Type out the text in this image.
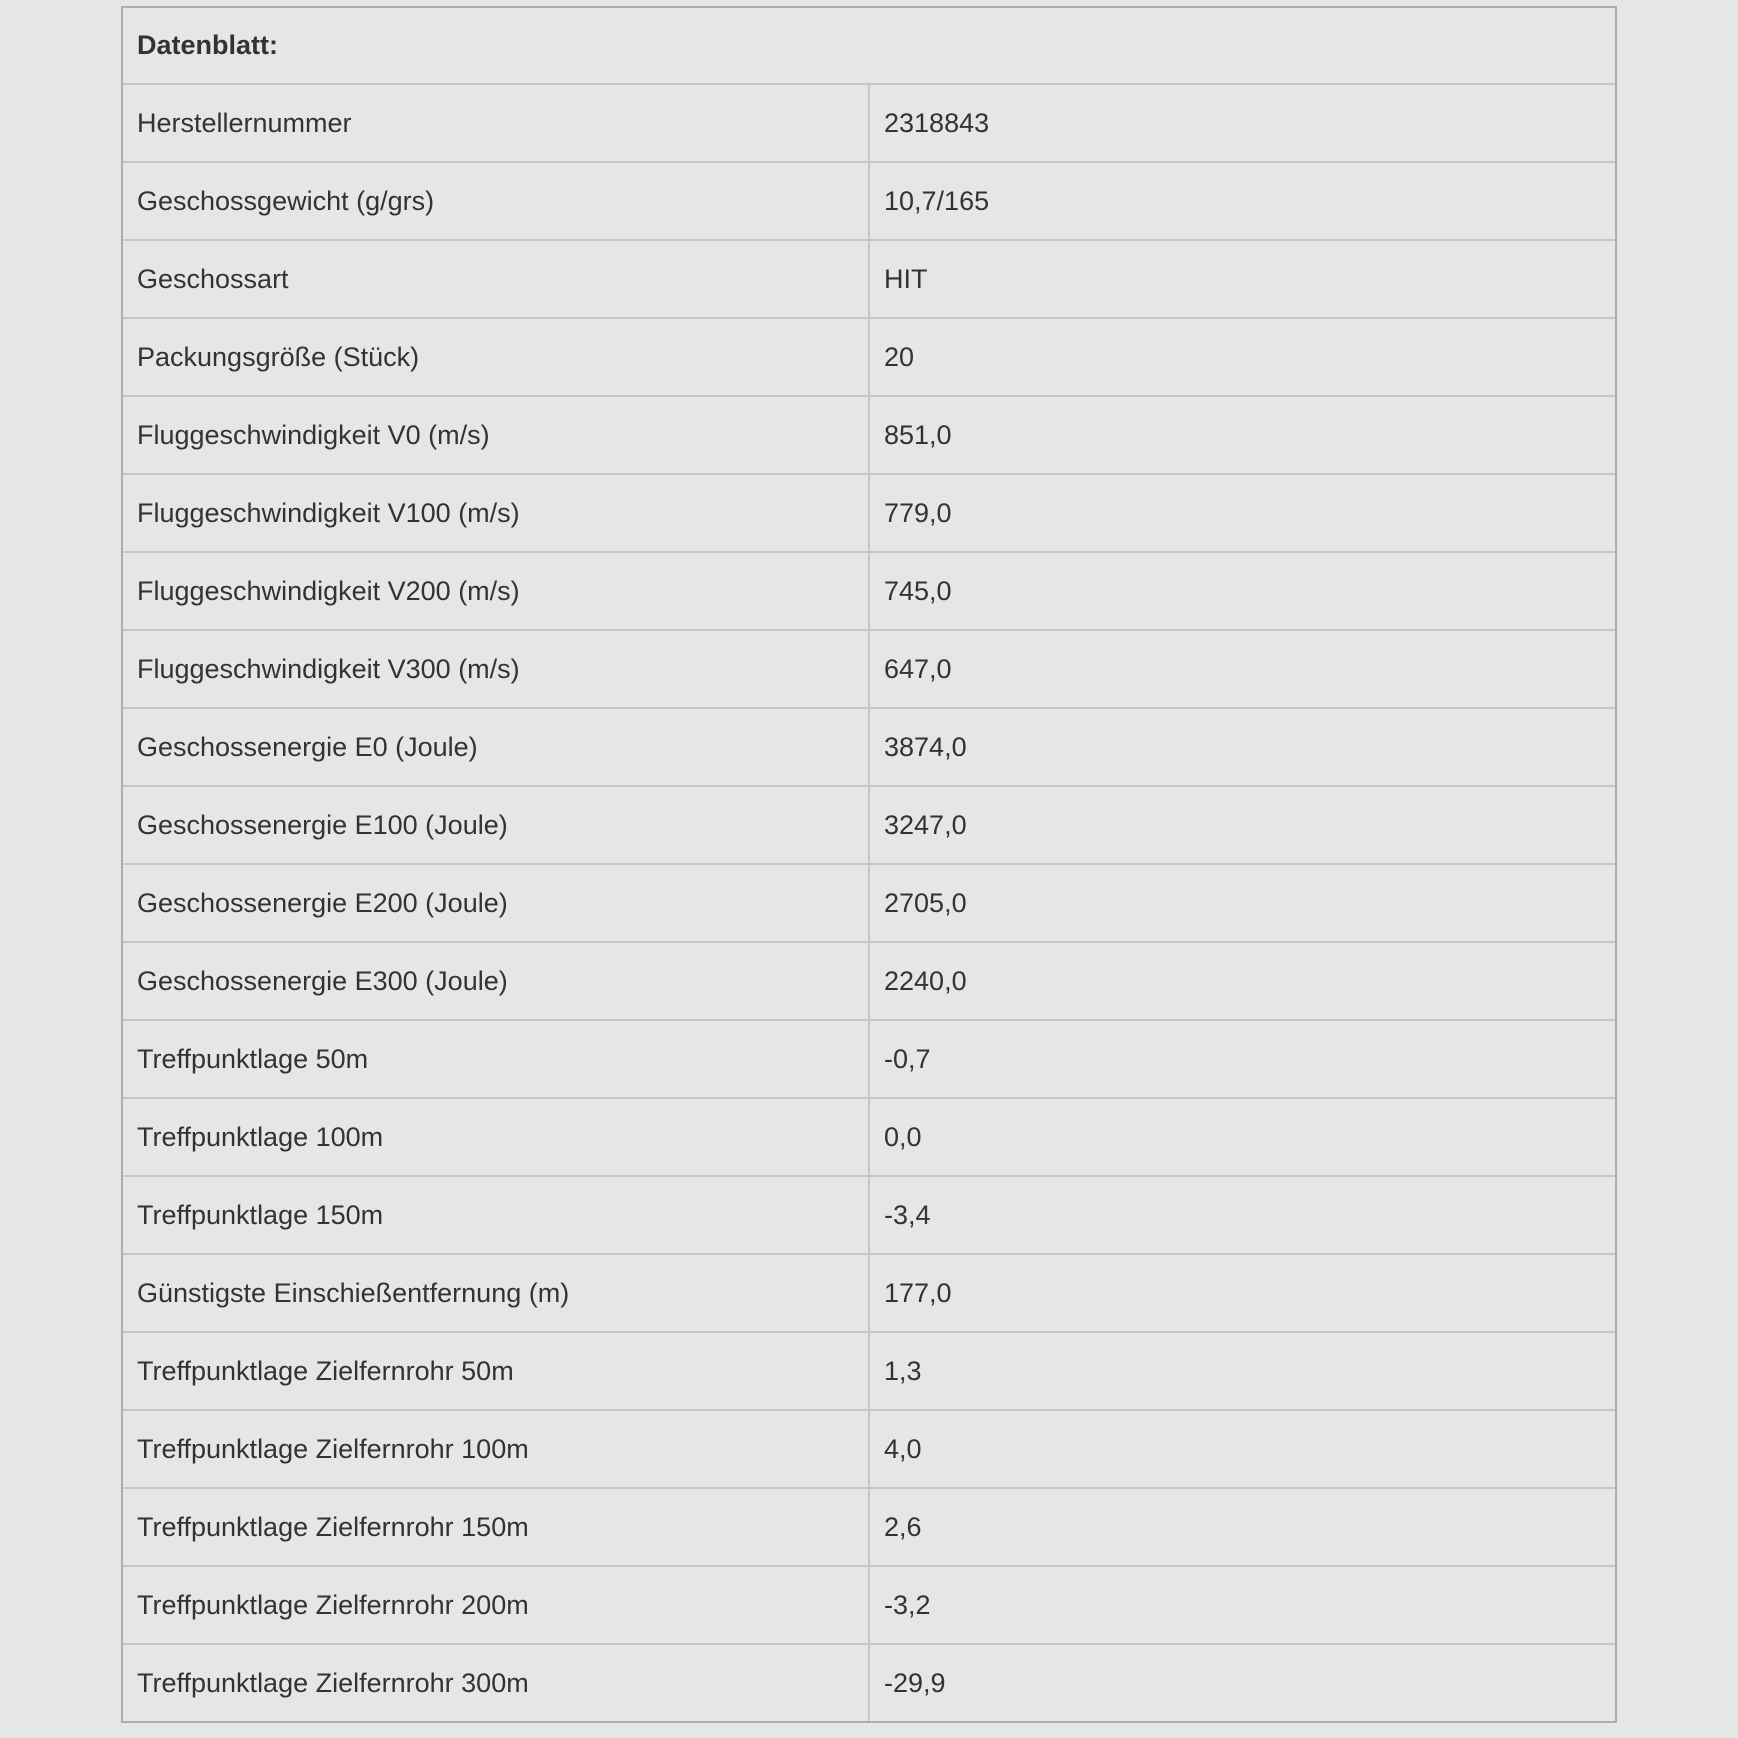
Datenblatt:	
Herstellernummer	2318843
Geschossgewicht (g/grs)	10,7/165
Geschossart	HIT
Packungsgröße (Stück)	20
Fluggeschwindigkeit V0 (m/s)	851,0
Fluggeschwindigkeit V100 (m/s)	779,0
Fluggeschwindigkeit V200 (m/s)	745,0
Fluggeschwindigkeit V300 (m/s)	647,0
Geschossenergie E0 (Joule)	3874,0
Geschossenergie E100 (Joule)	3247,0
Geschossenergie E200 (Joule)	2705,0
Geschossenergie E300 (Joule)	2240,0
Treffpunktlage 50m	-0,7
Treffpunktlage 100m	0,0
Treffpunktlage 150m	-3,4
Günstigste Einschießentfernung (m)	177,0
Treffpunktlage Zielfernrohr 50m	1,3
Treffpunktlage Zielfernrohr 100m	4,0
Treffpunktlage Zielfernrohr 150m	2,6
Treffpunktlage Zielfernrohr 200m	-3,2
Treffpunktlage Zielfernrohr 300m	-29,9
